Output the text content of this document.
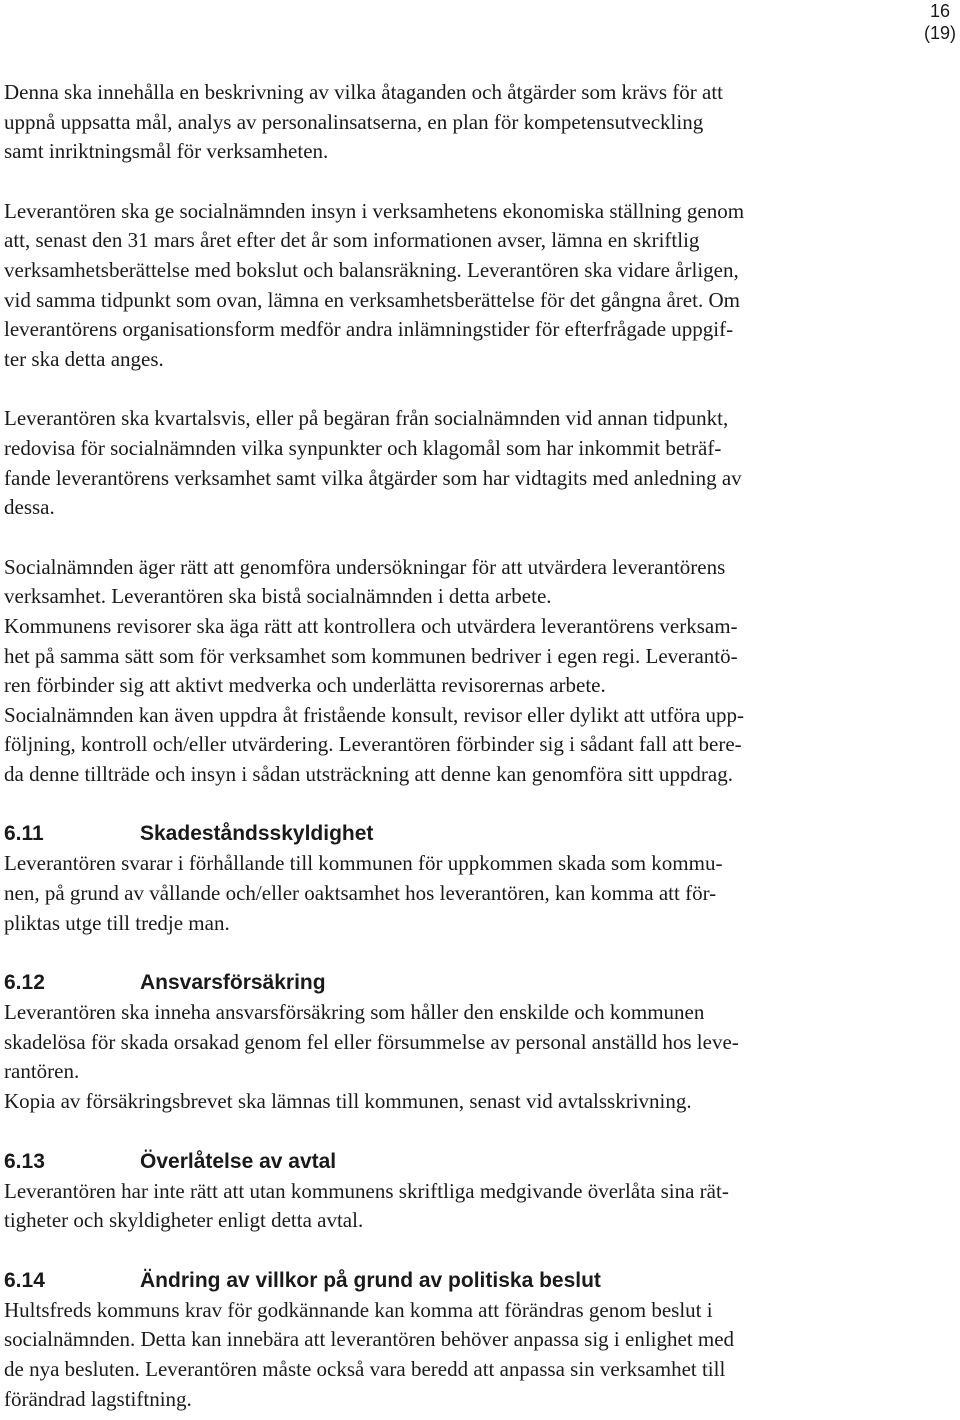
16
(19)
Denna ska innehålla en beskrivning av vilka åtaganden och åtgärder som krävs för att
uppnå uppsatta mål, analys av personalinsatserna, en plan för kompetensutveckling
samt inriktningsmål för verksamheten.
Leverantören ska ge socialnämnden insyn i verksamhetens ekonomiska ställning genom
att, senast den 31 mars året efter det år som informationen avser, lämna en skriftlig
verksamhetsberättelse med bokslut och balansräkning. Leverantören ska vidare årligen,
vid samma tidpunkt som ovan, lämna en verksamhetsberättelse för det gångna året. Om
leverantörens organisationsform medför andra inlämningstider för efterfrågade uppgif-
ter ska detta anges.
Leverantören ska kvartalsvis, eller på begäran från socialnämnden vid annan tidpunkt,
redovisa för socialnämnden vilka synpunkter och klagomål som har inkommit beträf-
fande leverantörens verksamhet samt vilka åtgärder som har vidtagits med anledning av
dessa.
Socialnämnden äger rätt att genomföra undersökningar för att utvärdera leverantörens
verksamhet. Leverantören ska bistå socialnämnden i detta arbete.
Kommunens revisorer ska äga rätt att kontrollera och utvärdera leverantörens verksam-
het på samma sätt som för verksamhet som kommunen bedriver i egen regi. Leverantö-
ren förbinder sig att aktivt medverka och underlätta revisorernas arbete.
Socialnämnden kan även uppdra åt fristående konsult, revisor eller dylikt att utföra upp-
följning, kontroll och/eller utvärdering. Leverantören förbinder sig i sådant fall att bere-
da denne tillträde och insyn i sådan utsträckning att denne kan genomföra sitt uppdrag.
6.11	Skadeståndsskyldighet
Leverantören svarar i förhållande till kommunen för uppkommen skada som kommu-
nen, på grund av vållande och/eller oaktsamhet hos leverantören, kan komma att för-
pliktas utge till tredje man.
6.12	Ansvarsförsäkring
Leverantören ska inneha ansvarsförsäkring som håller den enskilde och kommunen
skadelösa för skada orsakad genom fel eller försummelse av personal anställd hos leve-
rantören.
Kopia av försäkringsbrevet ska lämnas till kommunen, senast vid avtalsskrivning.
6.13	Överlåtelse av avtal
Leverantören har inte rätt att utan kommunens skriftliga medgivande överlåta sina rät-
tigheter och skyldigheter enligt detta avtal.
6.14	Ändring av villkor på grund av politiska beslut
Hultsfreds kommuns krav för godkännande kan komma att förändras genom beslut i
socialnämnden. Detta kan innebära att leverantören behöver anpassa sig i enlighet med
de nya besluten. Leverantören måste också vara beredd att anpassa sin verksamhet till
förändrad lagstiftning.
